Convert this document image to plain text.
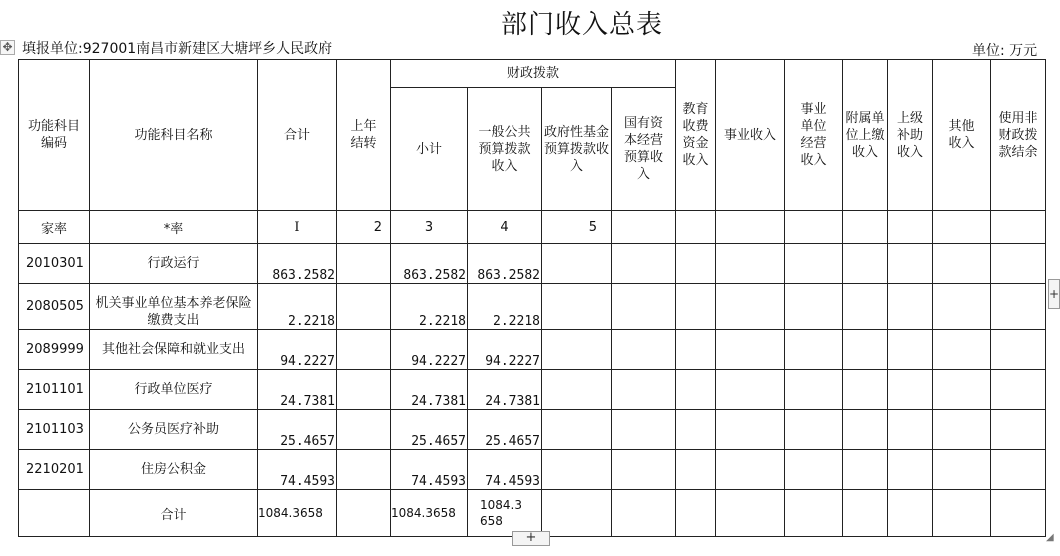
部门收入总表
✥ 填报单位:927001南昌市新建区大塘坪乡人民政府	单位: 万元
功能科目编码	功能科目名称	合计	上年结转	财政拨款				教育收费资金收入	事业收入	事业单位经营收入	附属单位上缴收入	上级补助收入	其他收入	使用非财政拨款结余
				小计	一般公共预算拨款收入	政府性基金预算拨款收入	国有资本经营预算收入							
家率	*率	I	2	3	4	5								
2010301	行政运行	863.2582		863.2582	863.2582									
2080505	机关事业单位基本养老保险缴费支出	2.2218		2.2218	2.2218									
2089999	其他社会保障和就业支出	94.2227		94.2227	94.2227									
2101101	行政单位医疗	24.7381		24.7381	24.7381									
2101103	公务员医疗补助	25.4657		25.4657	25.4657									
2210201	住房公积金	74.4593		74.4593	74.4593									
	合计	1084.3658		1084.3658	1084.3658									
+
+	◢
